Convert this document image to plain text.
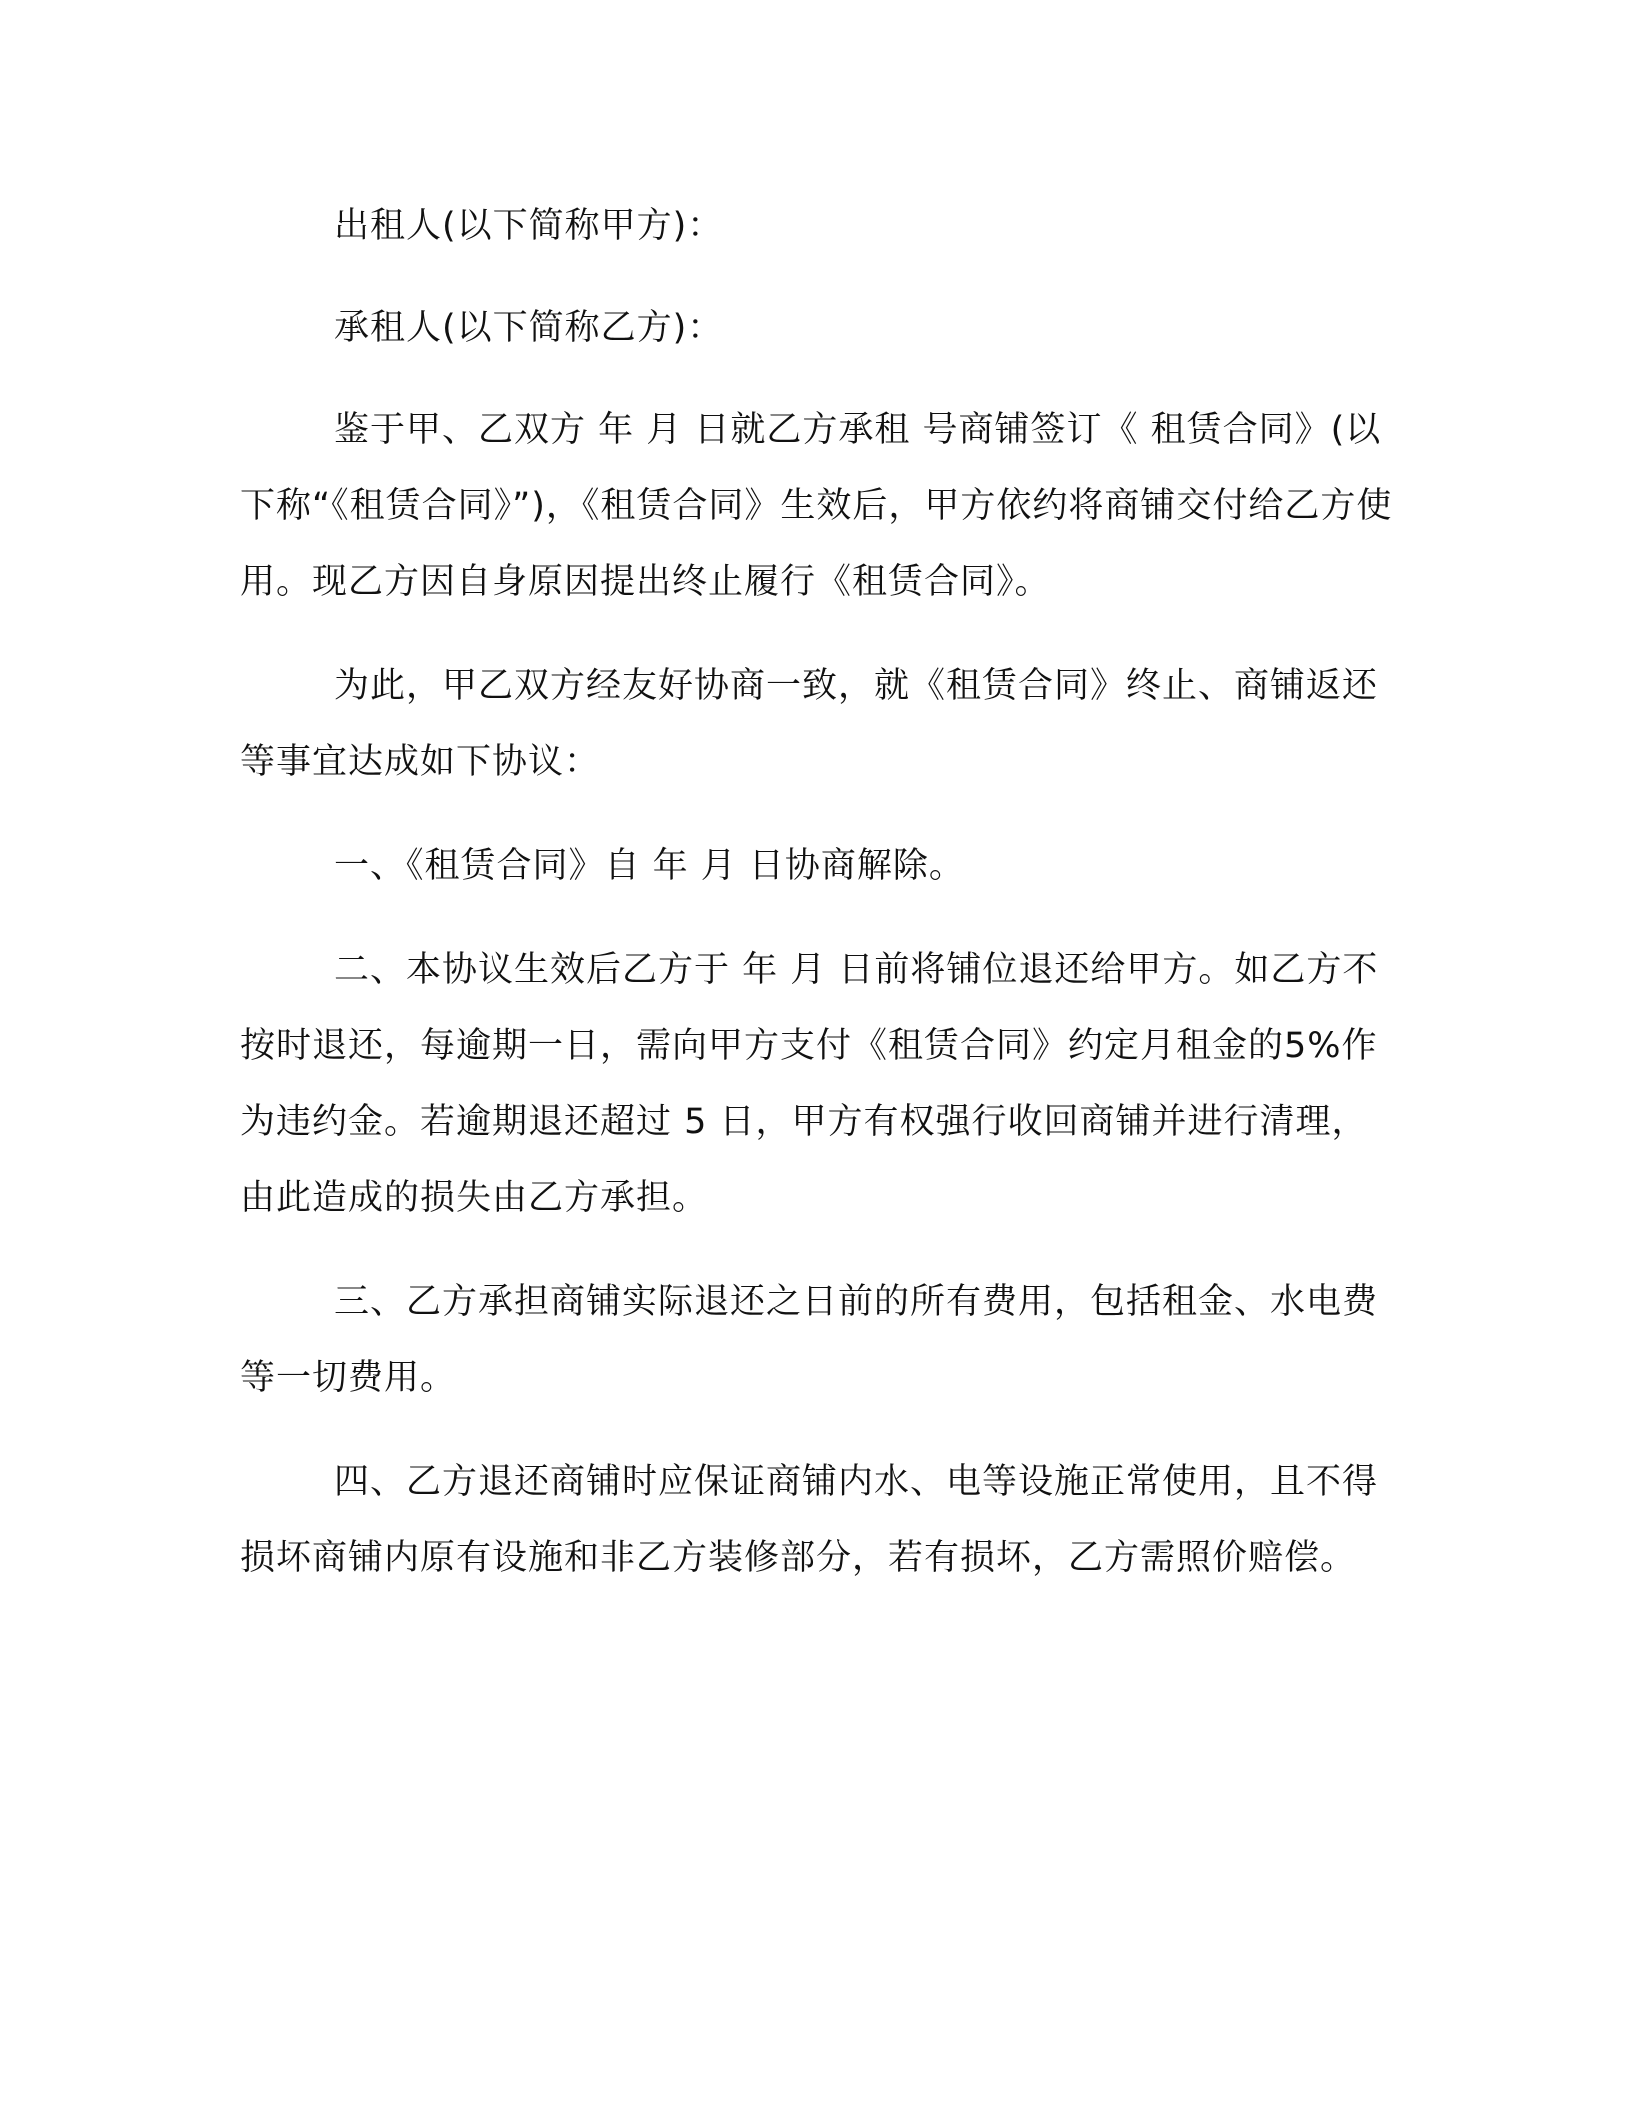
出租人(以下简称甲方)：

承租人(以下简称乙方)：

鉴于甲、乙双方 年 月 日就乙方承租 号商铺签订《 租赁合同》(以下称“《租赁合同》”)，《租赁合同》生效后，甲方依约将商铺交付给乙方使用。现乙方因自身原因提出终止履行《租赁合同》。

为此，甲乙双方经友好协商一致，就《租赁合同》终止、商铺返还等事宜达成如下协议：

一、《租赁合同》自 年 月 日协商解除。

二、本协议生效后乙方于 年 月 日前将铺位退还给甲方。如乙方不按时退还，每逾期一日，需向甲方支付《租赁合同》约定月租金的5%作为违约金。若逾期退还超过 5 日，甲方有权强行收回商铺并进行清理，由此造成的损失由乙方承担。

三、乙方承担商铺实际退还之日前的所有费用，包括租金、水电费等一切费用。

四、乙方退还商铺时应保证商铺内水、电等设施正常使用，且不得损坏商铺内原有设施和非乙方装修部分，若有损坏，乙方需照价赔偿。
